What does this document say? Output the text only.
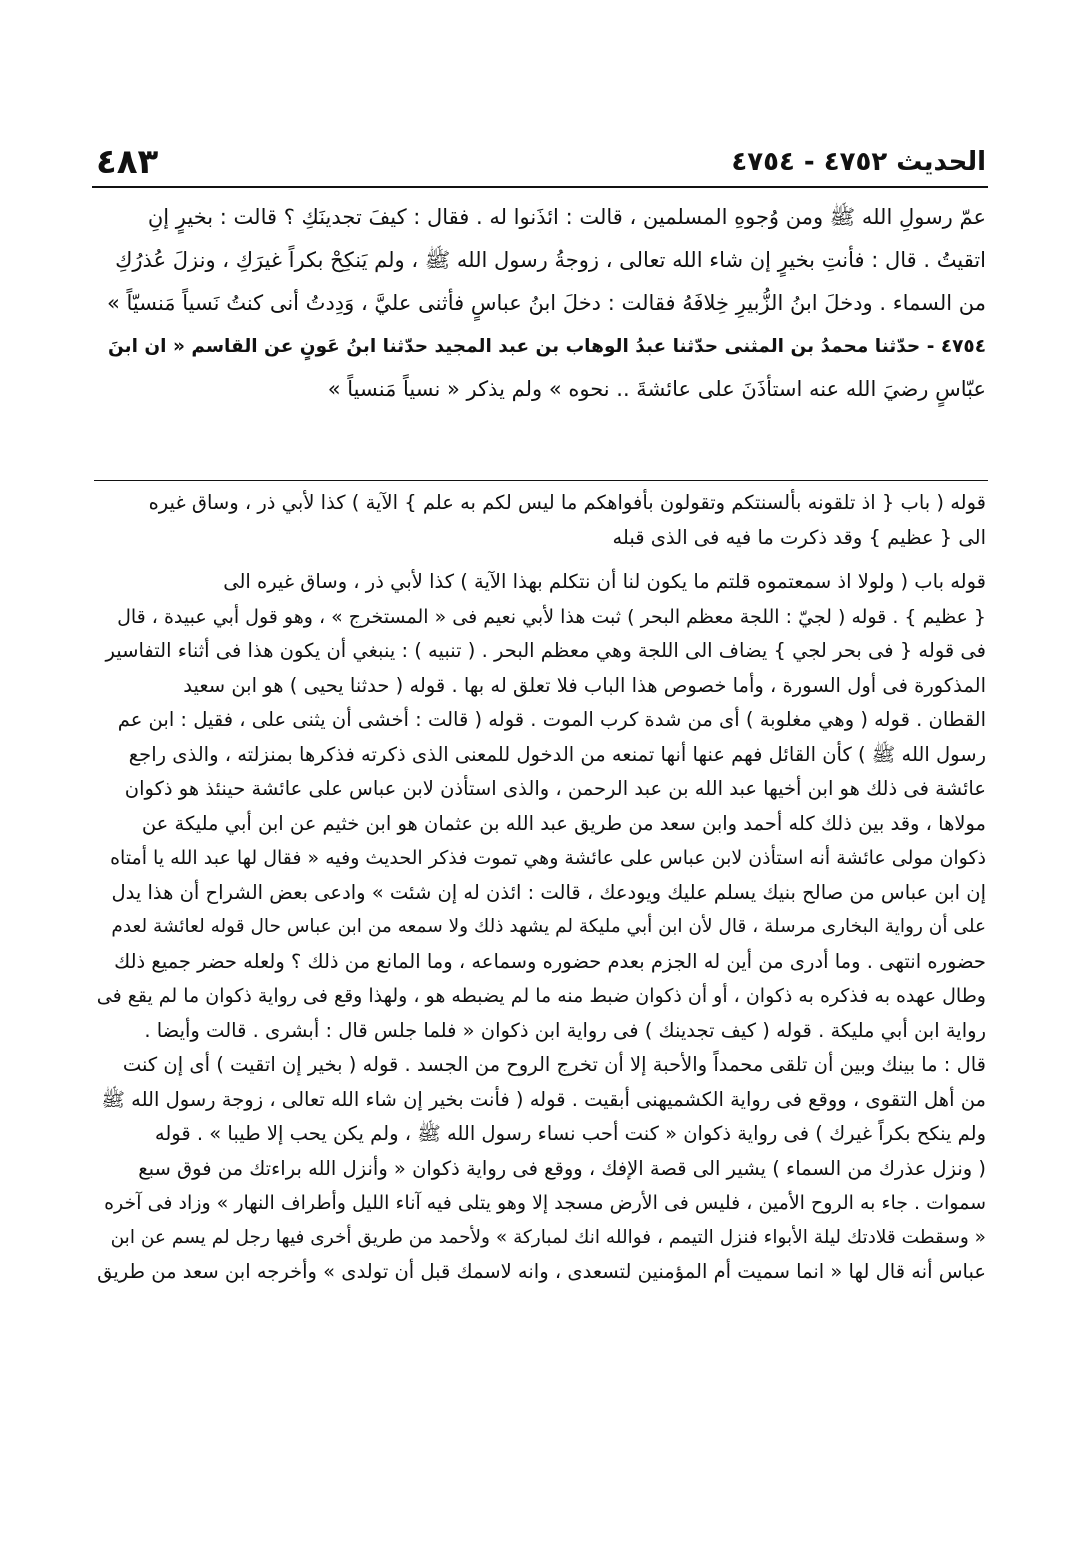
الحديث ٤٧٥٢ - ٤٧٥٤
٤٨٣
عمّ رسولِ الله ﷺ ومن وُجوهِ المسلمين ، قالت : ائذَنوا له . فقال : كيفَ تجدينَكِ ؟ قالت : بخيرٍ إنِ
اتقيتُ . قال : فأنتِ بخيرٍ إن شاء الله تعالى ، زوجةُ رسول الله ﷺ ، ولم يَنكِحْ بكراً غيرَكِ ، ونزلَ عُذرُكِ
من السماء . ودخلَ ابنُ الزُّبيرِ خِلافَهُ فقالت : دخلَ ابنُ عباسٍ فأثنى عليَّ ، وَدِدتُ أنى كنتُ نَسياً مَنسيّاً »
٤٧٥٤ - حدّثنا محمدُ بن المثنى حدّثنا عبدُ الوهاب بن عبد المجيد حدّثنا ابنُ عَونٍ عن القاسم « ان ابنَ
عبّاسٍ رضيَ الله عنه استأذَنَ على عائشةَ .. نحوه » ولم يذكر « نسياً مَنسياً »
قوله ( باب { اذ تلقونه بألسنتكم وتقولون بأفواهكم ما ليس لكم به علم } الآية ) كذا لأبي ذر ، وساق غيره
الى { عظيم } وقد ذكرت ما فيه فى الذى قبله
قوله باب ( ولولا اذ سمعتموه قلتم ما يكون لنا أن نتكلم بهذا الآية ) كذا لأبي ذر ، وساق غيره الى
{ عظيم } . قوله ( لجيّ : اللجة معظم البحر ) ثبت هذا لأبي نعيم فى « المستخرج » ، وهو قول أبي عبيدة ، قال
فى قوله { فى بحر لجي } يضاف الى اللجة وهي معظم البحر . ( تنبيه ) : ينبغي أن يكون هذا فى أثناء التفاسير
المذكورة فى أول السورة ، وأما خصوص هذا الباب فلا تعلق له بها . قوله ( حدثنا يحيى ) هو ابن سعيد
القطان . قوله ( وهي مغلوبة ) أى من شدة كرب الموت . قوله ( قالت : أخشى أن يثنى على ، فقيل : ابن عم
رسول الله ﷺ ) كأن القائل فهم عنها أنها تمنعه من الدخول للمعنى الذى ذكرته فذكرها بمنزلته ، والذى راجع
عائشة فى ذلك هو ابن أخيها عبد الله بن عبد الرحمن ، والذى استأذن لابن عباس على عائشة حينئذ هو ذكوان
مولاها ، وقد بين ذلك كله أحمد وابن سعد من طريق عبد الله بن عثمان هو ابن خثيم عن ابن أبي مليكة عن
ذكوان مولى عائشة أنه استأذن لابن عباس على عائشة وهي تموت فذكر الحديث وفيه « فقال لها عبد الله يا أمتاه
إن ابن عباس من صالح بنيك يسلم عليك ويودعك ، قالت : ائذن له إن شئت » وادعى بعض الشراح أن هذا يدل
على أن رواية البخارى مرسلة ، قال لأن ابن أبي مليكة لم يشهد ذلك ولا سمعه من ابن عباس حال قوله لعائشة لعدم
حضوره انتهى . وما أدرى من أين له الجزم بعدم حضوره وسماعه ، وما المانع من ذلك ؟ ولعله حضر جميع ذلك
وطال عهده به فذكره به ذكوان ، أو أن ذكوان ضبط منه ما لم يضبطه هو ، ولهذا وقع فى رواية ذكوان ما لم يقع فى
رواية ابن أبي مليكة . قوله ( كيف تجدينك ) فى رواية ابن ذكوان « فلما جلس قال : أبشرى . قالت وأيضا .
قال : ما بينك وبين أن تلقى محمداً والأحبة إلا أن تخرج الروح من الجسد . قوله ( بخير إن اتقيت ) أى إن كنت
من أهل التقوى ، ووقع فى رواية الكشميهنى أبقيت . قوله ( فأنت بخير إن شاء الله تعالى ، زوجة رسول الله ﷺ
ولم ينكح بكراً غيرك ) فى رواية ذكوان « كنت أحب نساء رسول الله ﷺ ، ولم يكن يحب إلا طيبا » . قوله
( ونزل عذرك من السماء ) يشير الى قصة الإفك ، ووقع فى رواية ذكوان « وأنزل الله براءتك من فوق سبع
سموات . جاء به الروح الأمين ، فليس فى الأرض مسجد إلا وهو يتلى فيه آناء الليل وأطراف النهار » وزاد فى آخره
« وسقطت قلادتك ليلة الأبواء فنزل التيمم ، فوالله انك لمباركة » ولأحمد من طريق أخرى فيها رجل لم يسم عن ابن
عباس أنه قال لها « انما سميت أم المؤمنين لتسعدى ، وانه لاسمك قبل أن تولدى » وأخرجه ابن سعد من طريق
